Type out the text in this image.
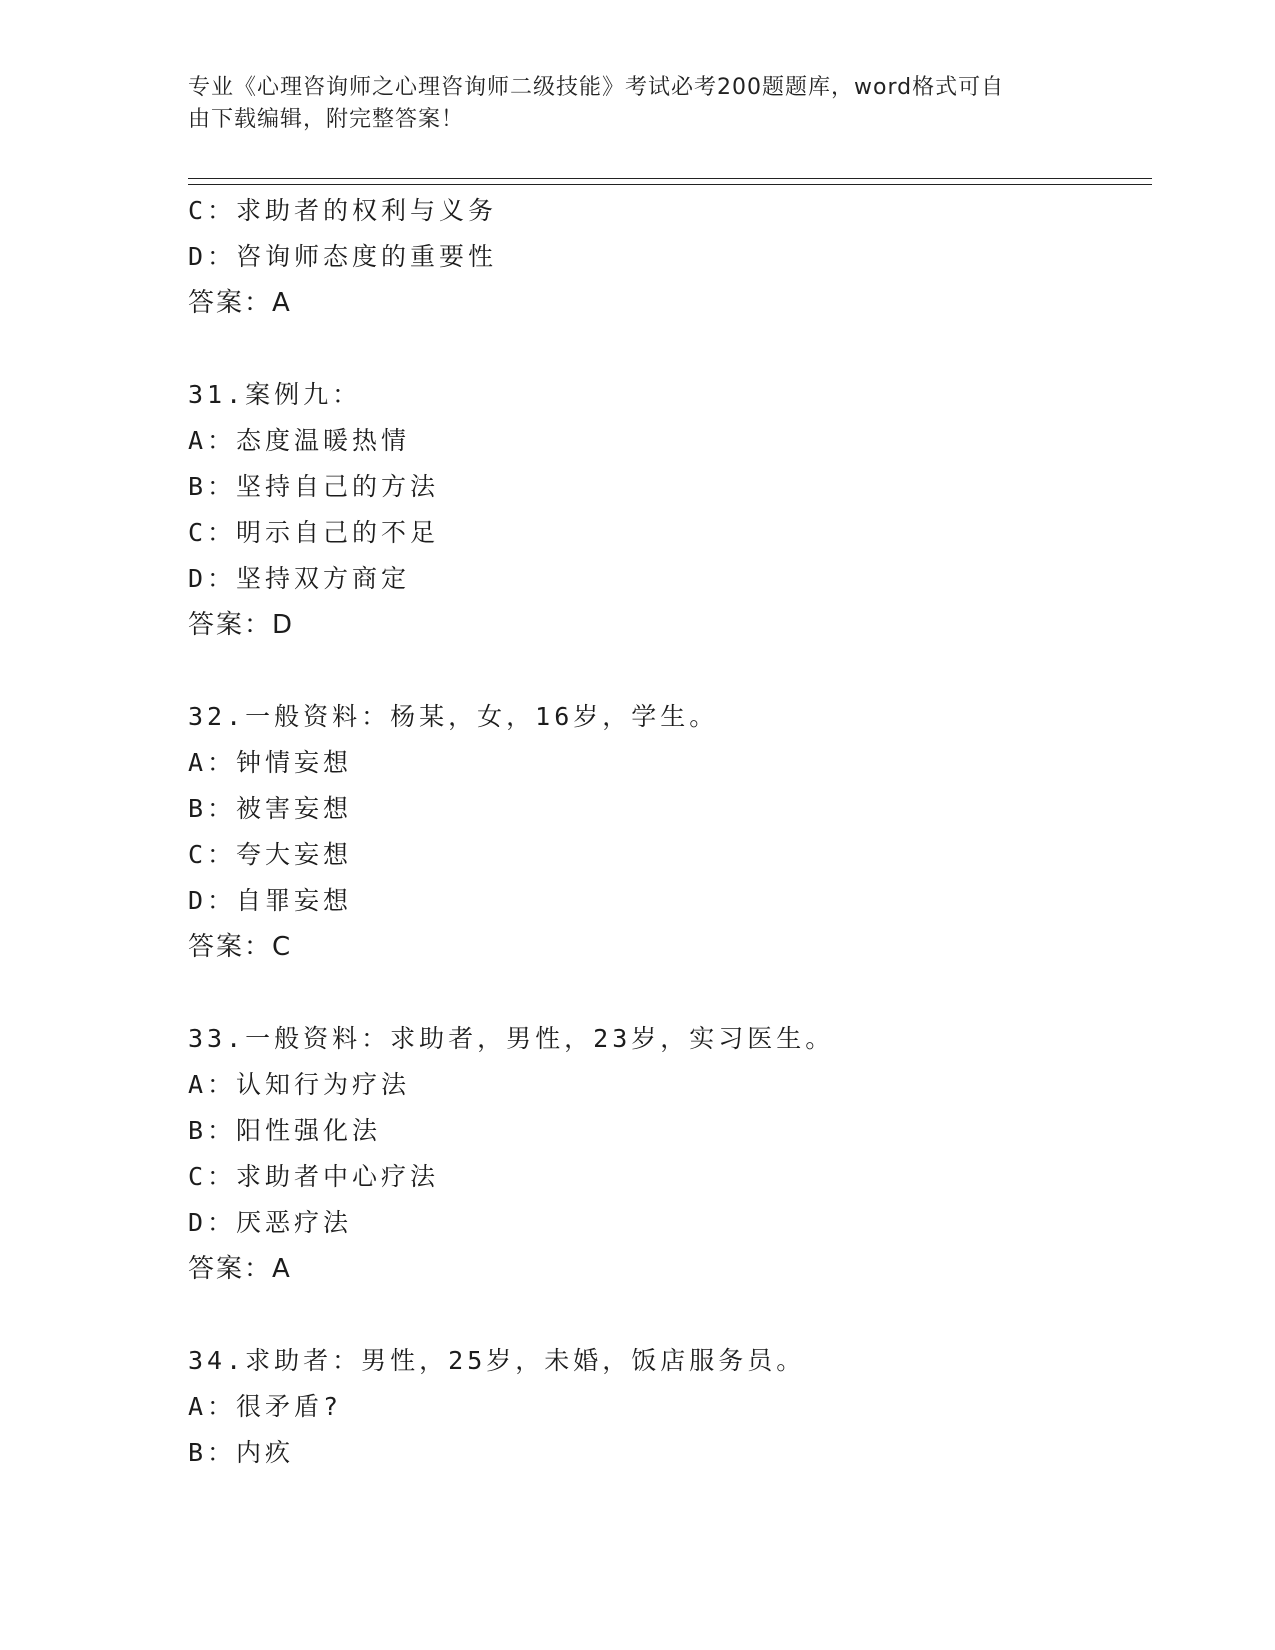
专业《心理咨询师之心理咨询师二级技能》考试必考200题题库，word格式可自
由下载编辑，附完整答案！
C：求助者的权利与义务
D：咨询师态度的重要性
答案：A
31.案例九：
A：态度温暖热情
B：坚持自己的方法
C：明示自己的不足
D：坚持双方商定
答案：D
32.一般资料：杨某，女，16岁，学生。
A：钟情妄想
B：被害妄想
C：夸大妄想
D：自罪妄想
答案：C
33.一般资料：求助者，男性，23岁，实习医生。
A：认知行为疗法
B：阳性强化法
C：求助者中心疗法
D：厌恶疗法
答案：A
34.求助者：男性，25岁，未婚，饭店服务员。
A：很矛盾?
B：内疚
